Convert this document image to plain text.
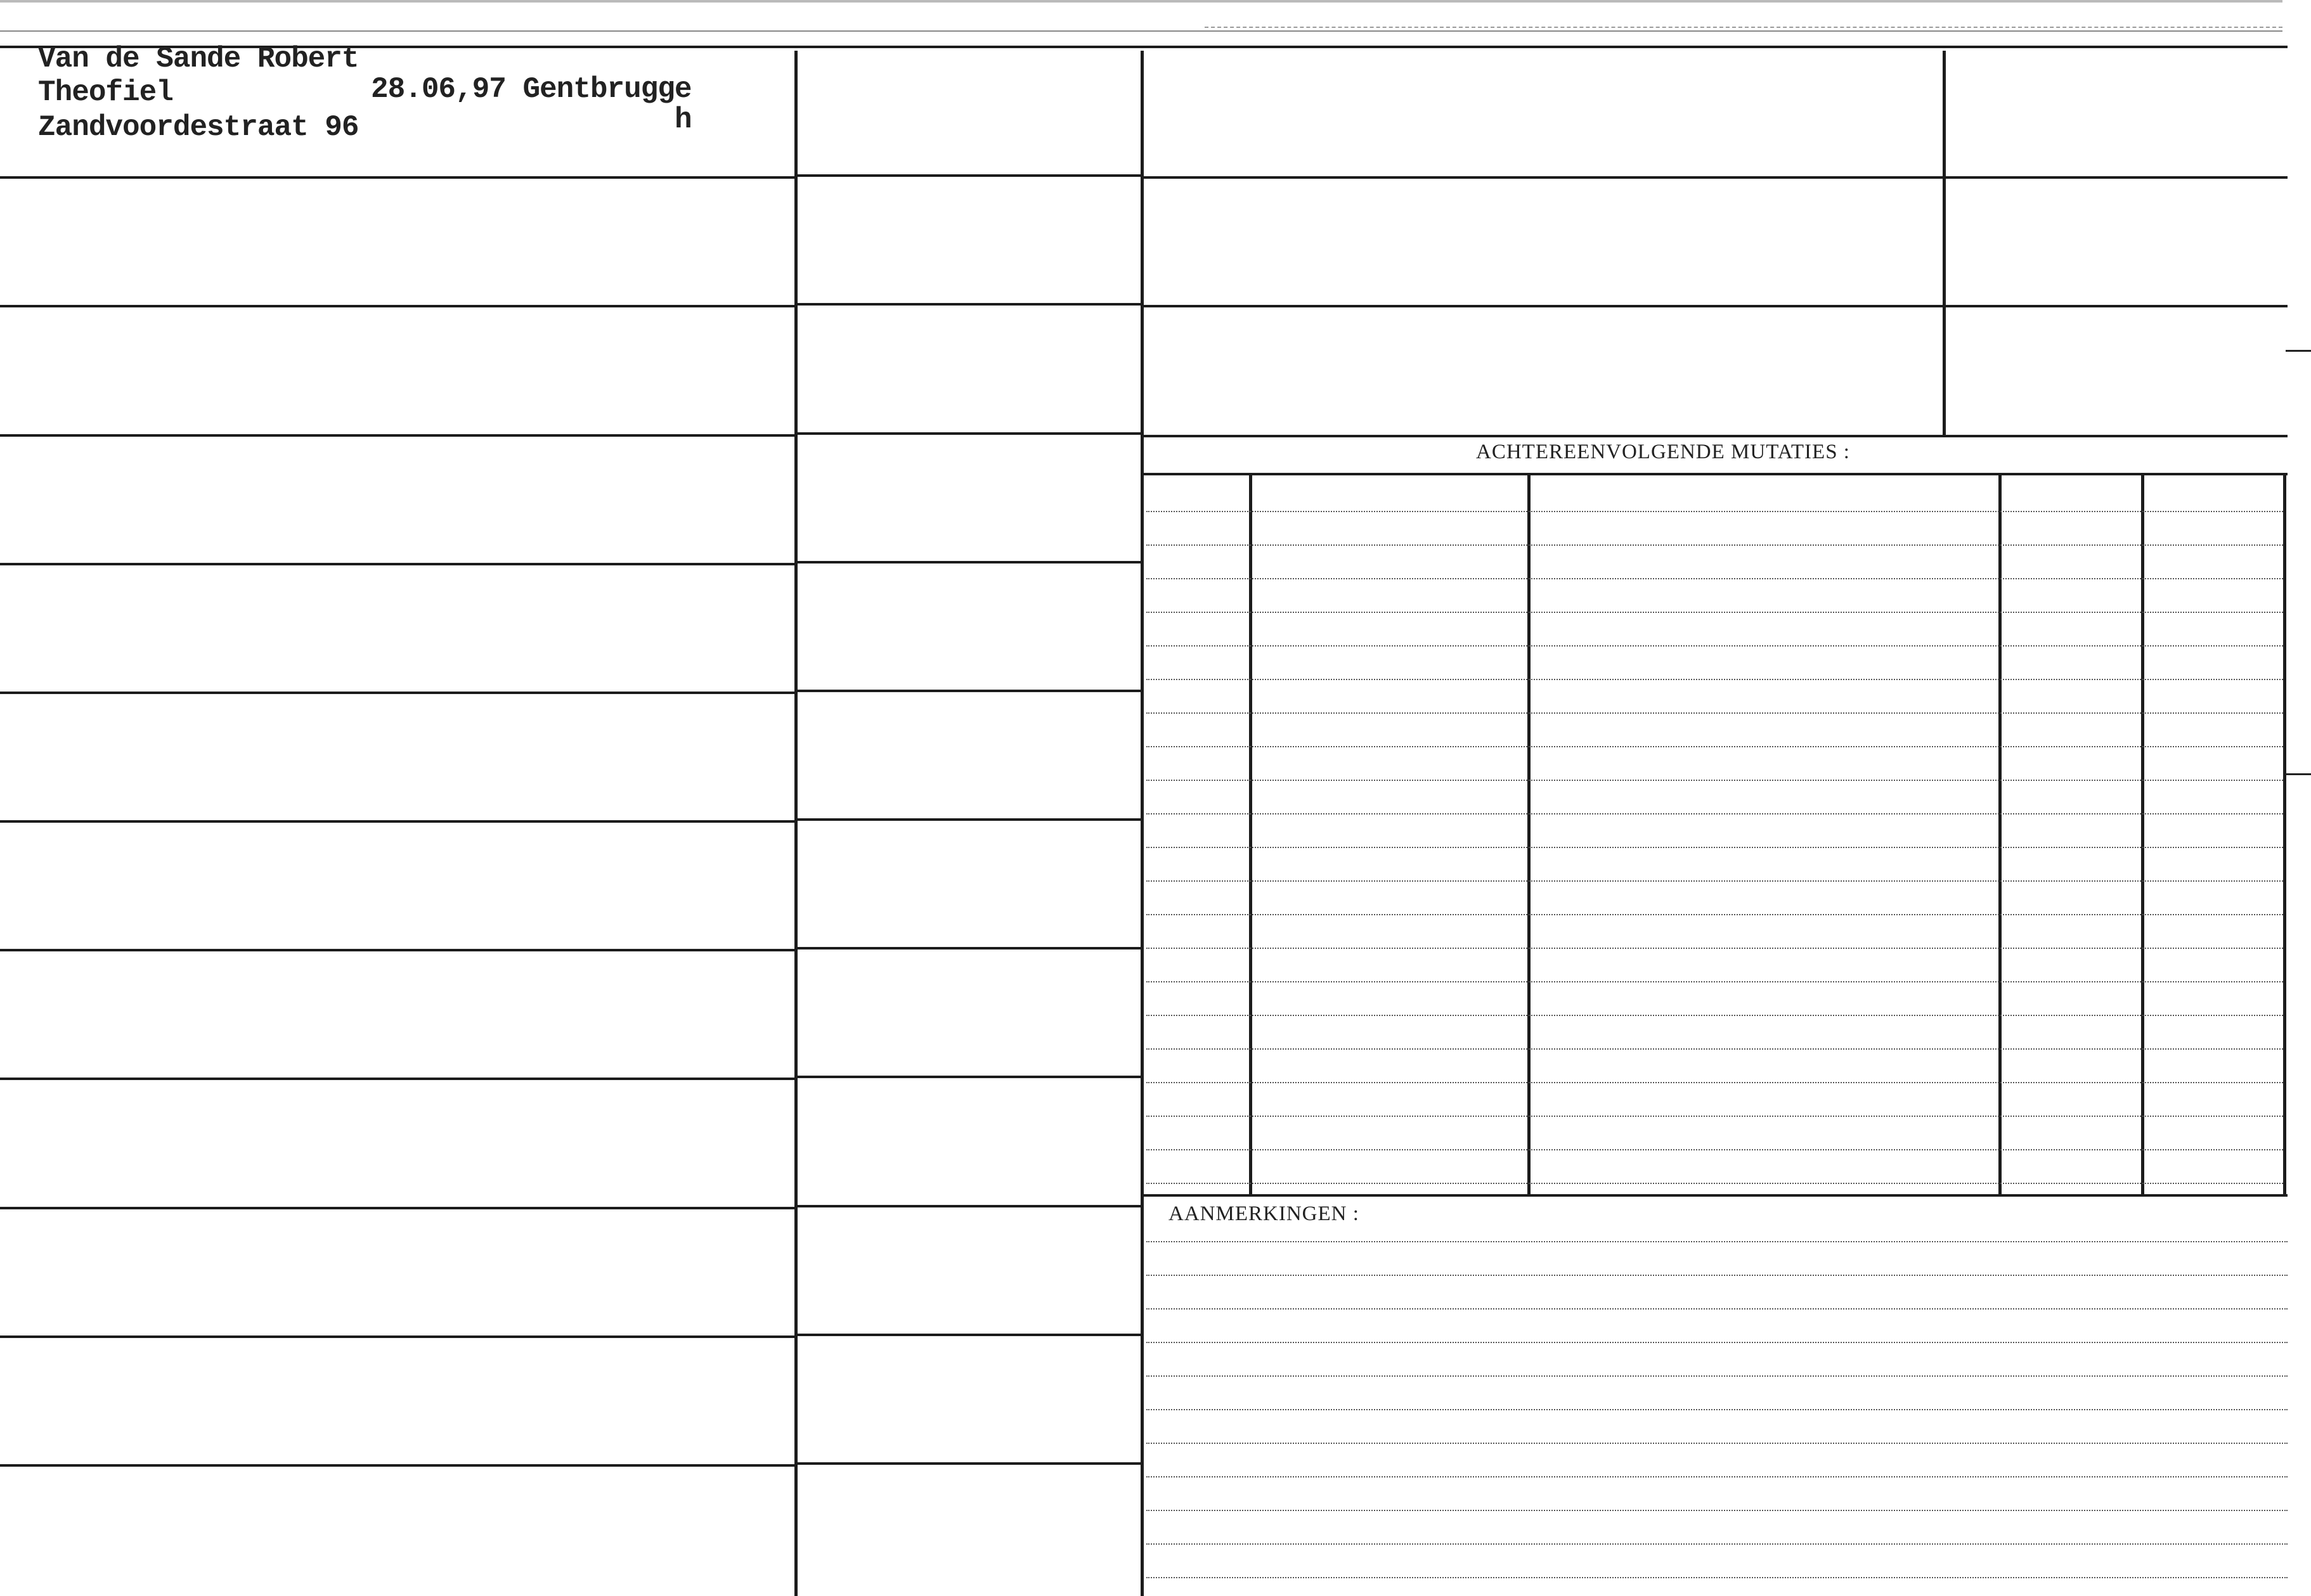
ACHTEREENVOLGENDE MUTATIES :
AANMERKINGEN :
Van de Sande Robert
Theofiel
Zandvoordestraat 96
28.06,97 Gentbrugge
h
